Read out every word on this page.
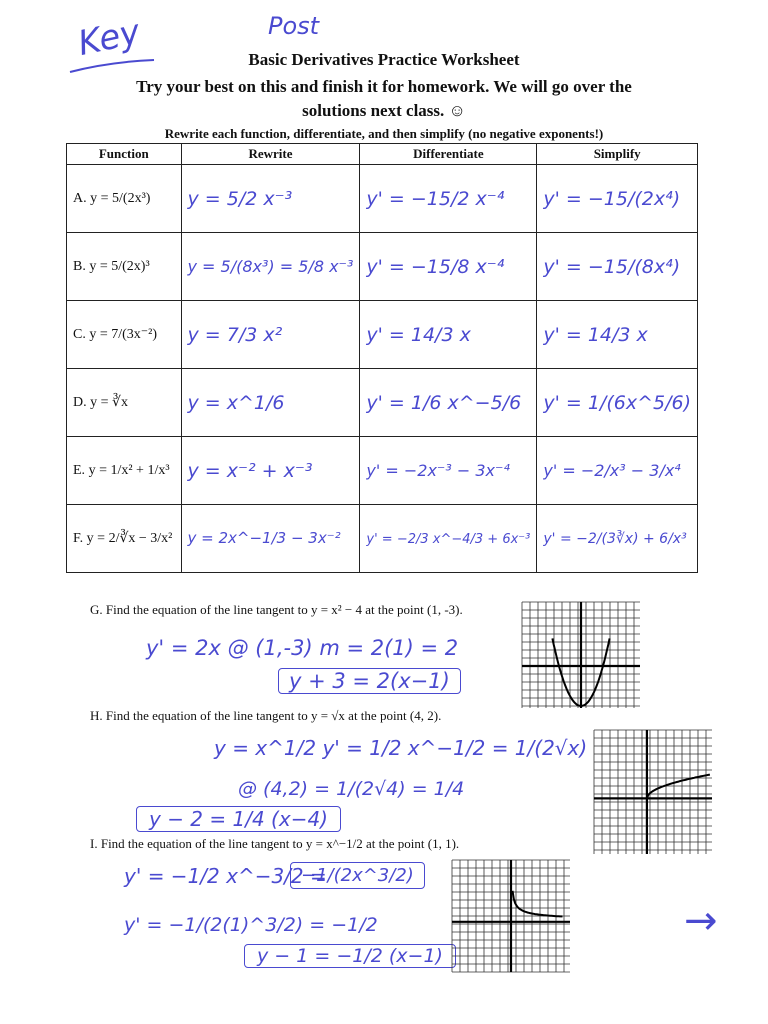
Key	Post
Basic Derivatives Practice Worksheet
Try your best on this and finish it for homework. We will go over the
solutions next class. ☺
Rewrite each function, differentiate, and then simplify (no negative exponents!)
Function	Rewrite	Differentiate	Simplify
A. y = 5/(2x³)	y = 5/2 x⁻³	y' = −15/2 x⁻⁴	y' = −15/(2x⁴)
B. y = 5/(2x)³	y = 5/(8x³) = 5/8 x⁻³	y' = −15/8 x⁻⁴	y' = −15/(8x⁴)
C. y = 7/(3x⁻²)	y = 7/3 x²	y' = 14/3 x	y' = 14/3 x
D. y = ∛x	y = x^1/6	y' = 1/6 x^−5/6	y' = 1/(6x^5/6)
E. y = 1/x² + 1/x³	y = x⁻² + x⁻³	y' = −2x⁻³ − 3x⁻⁴	y' = −2/x³ − 3/x⁴
F. y = 2/∛x − 3/x²	y = 2x^−1/3 − 3x⁻²	y' = −2/3 x^−4/3 + 6x⁻³	y' = −2/(3∛x) + 6/x³
G. Find the equation of the line tangent to y = x² − 4 at the point (1, -3).
y' = 2x @ (1,-3) m = 2(1) = 2
y + 3 = 2(x−1)
H. Find the equation of the line tangent to y = √x at the point (4, 2).
y = x^1/2 y' = 1/2 x^−1/2 = 1/(2√x)
@ (4,2) = 1/(2√4) = 1/4
y − 2 = 1/4 (x−4)
I. Find the equation of the line tangent to y = x^−1/2 at the point (1, 1).
y' = −1/2 x^−3/2 =
−1/(2x^3/2)
y' = −1/(2(1)^3/2) = −1/2
y − 1 = −1/2 (x−1)
→
